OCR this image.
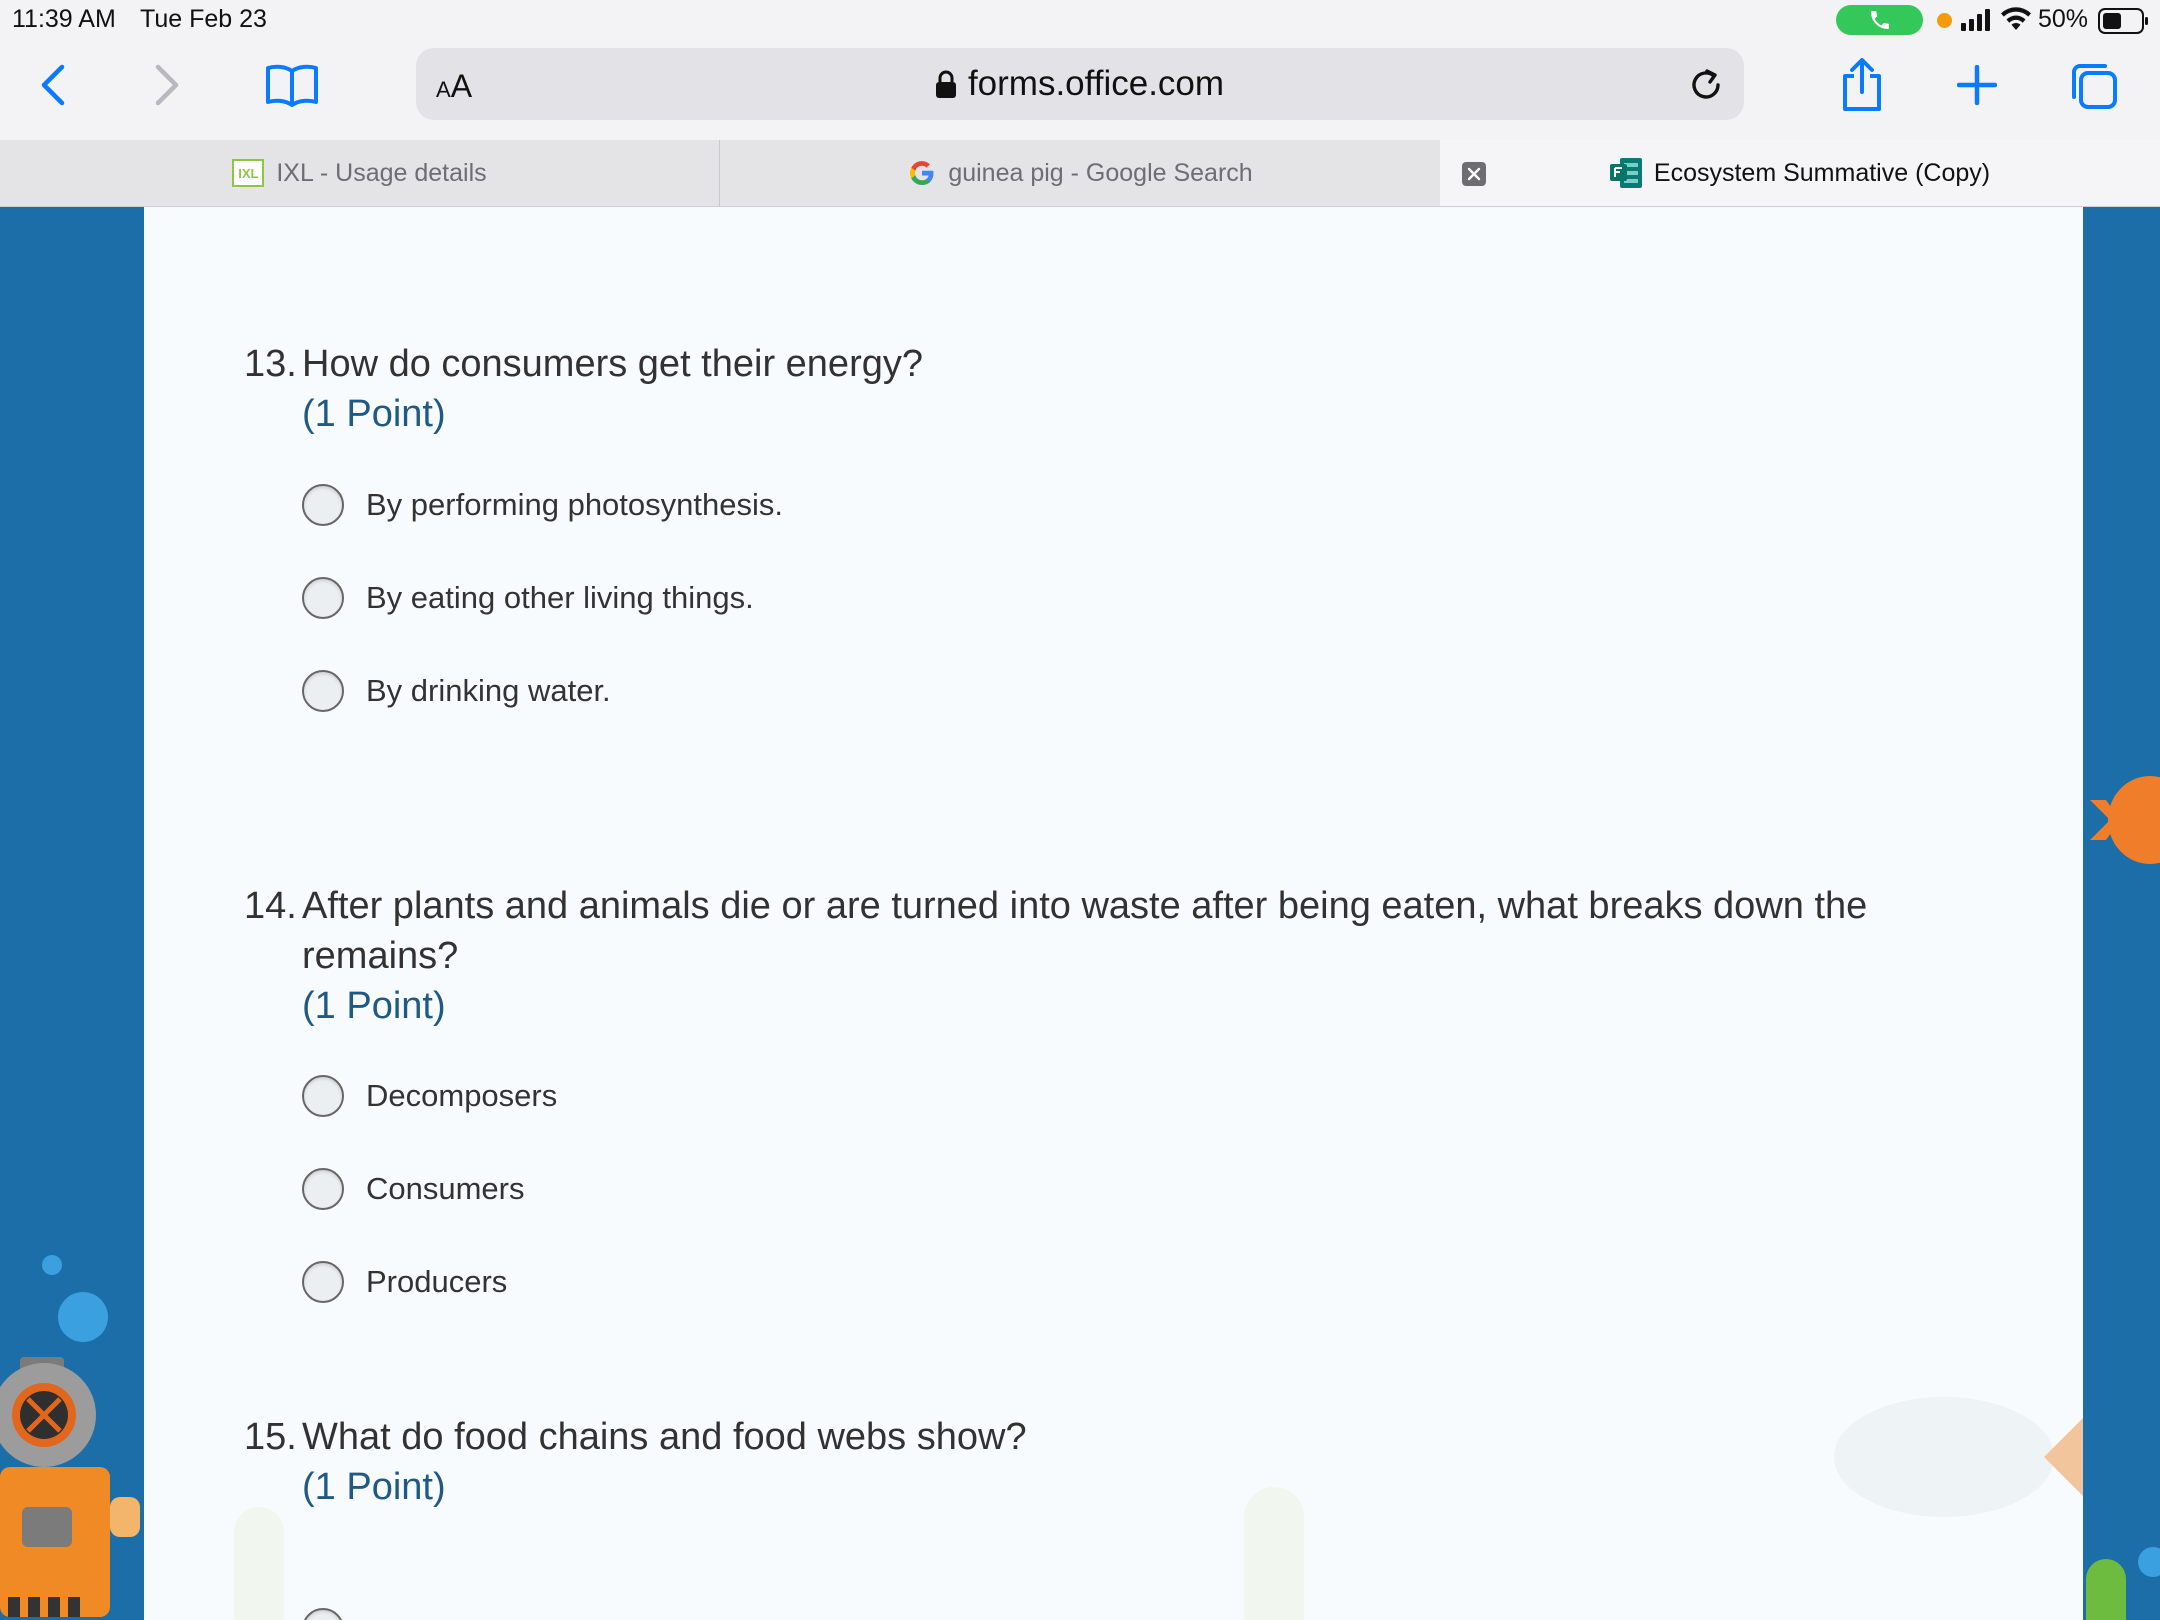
11:39 AM Tue Feb 23	50%
AA	forms.office.com
IXL IXL - Usage details	guinea pig - Google Search	Ecosystem Summative (Copy)
13. How do consumers get their energy?
(1 Point)
By performing photosynthesis.
By eating other living things.
By drinking water.
14. After plants and animals die or are turned into waste after being eaten, what breaks down the remains?
(1 Point)
Decomposers
Consumers
Producers
15. What do food chains and food webs show?
(1 Point)
